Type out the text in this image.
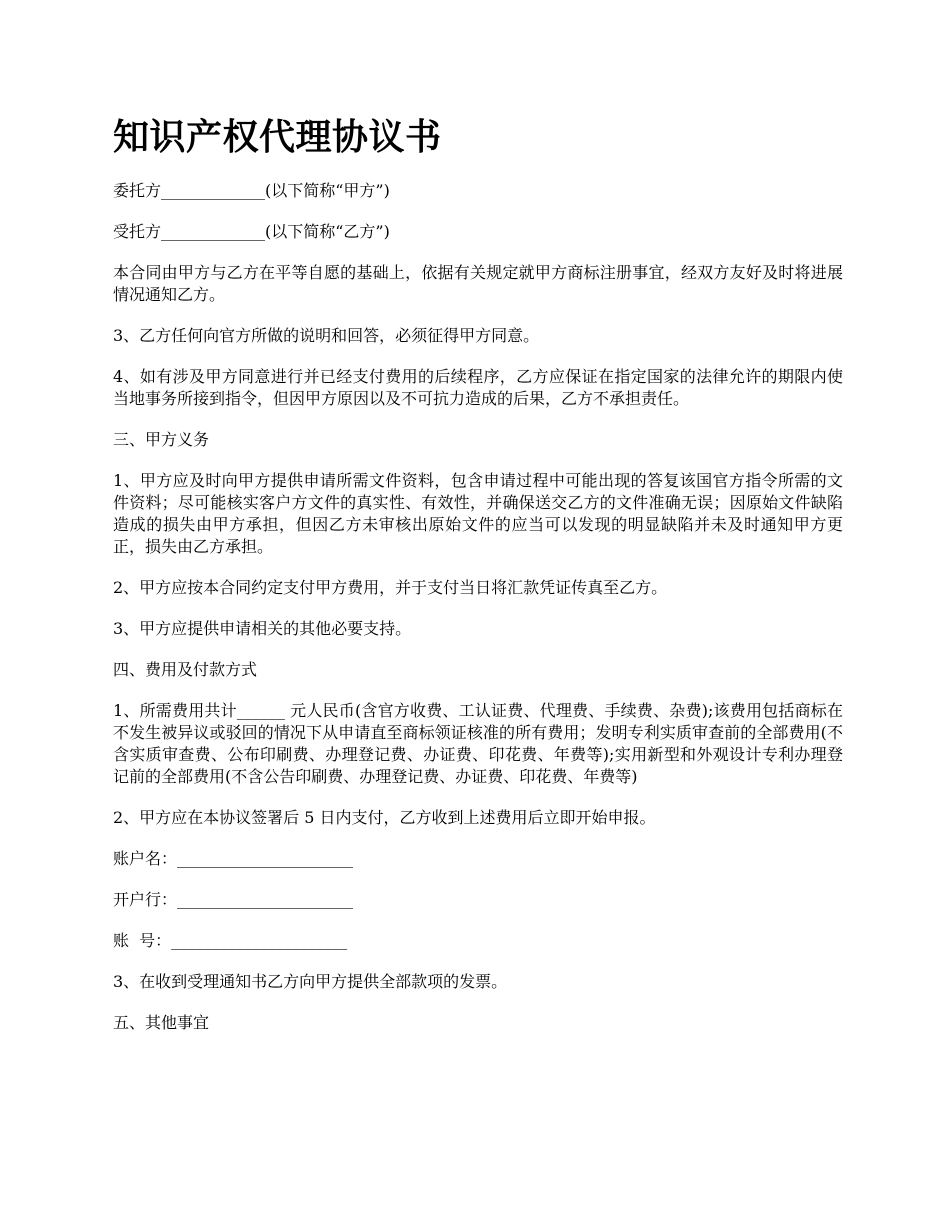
知识产权代理协议书

委托方_____________(以下简称“甲方”)

受托方_____________(以下简称“乙方”)

本合同由甲方与乙方在平等自愿的基础上，依据有关规定就甲方商标注册事宜，经双方友好及时将进展情况通知乙方。

3、乙方任何向官方所做的说明和回答，必须征得甲方同意。

4、如有涉及甲方同意进行并已经支付费用的后续程序，乙方应保证在指定国家的法律允许的期限内使当地事务所接到指令，但因甲方原因以及不可抗力造成的后果，乙方不承担责任。

三、甲方义务

1、甲方应及时向甲方提供申请所需文件资料，包含申请过程中可能出现的答复该国官方指令所需的文件资料；尽可能核实客户方文件的真实性、有效性，并确保送交乙方的文件准确无误；因原始文件缺陷造成的损失由甲方承担，但因乙方未审核出原始文件的应当可以发现的明显缺陷并未及时通知甲方更正，损失由乙方承担。

2、甲方应按本合同约定支付甲方费用，并于支付当日将汇款凭证传真至乙方。

3、甲方应提供申请相关的其他必要支持。

四、费用及付款方式

1、所需费用共计______ 元人民币(含官方收费、工认证费、代理费、手续费、杂费);该费用包括商标在不发生被异议或驳回的情况下从申请直至商标领证核准的所有费用；发明专利实质审查前的全部费用(不含实质审查费、公布印刷费、办理登记费、办证费、印花费、年费等);实用新型和外观设计专利办理登记前的全部费用(不含公告印刷费、办理登记费、办证费、印花费、年费等)

2、甲方应在本协议签署后 5 日内支付，乙方收到上述费用后立即开始申报。

账户名：______________________

开户行：______________________

账  号：______________________

3、在收到受理通知书乙方向甲方提供全部款项的发票。

五、其他事宜
